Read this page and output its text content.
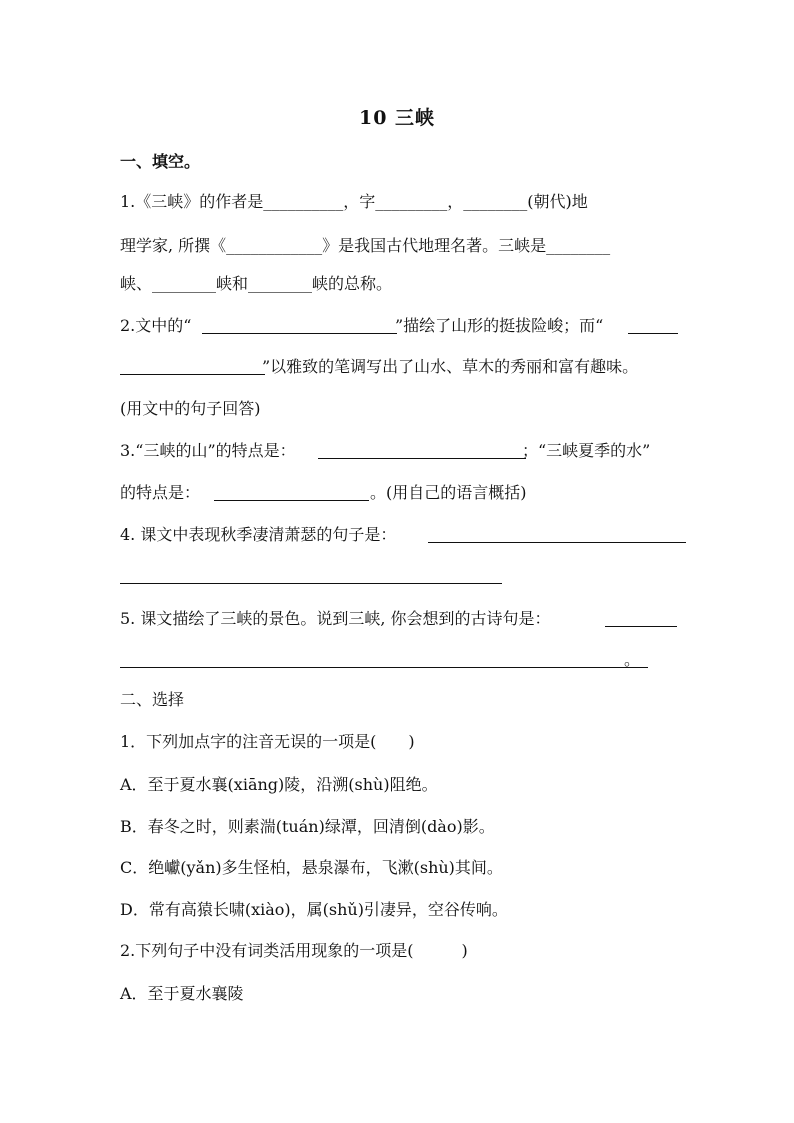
10 三峡
一、填空。
1.《三峡》的作者是__________，字_________，________(朝代)地
理学家, 所撰《____________》是我国古代地理名著。三峡是________
峡、________峡和________峡的总称。
2.文中的“	”描绘了山形的挺拔险峻；而“
”以雅致的笔调写出了山水、草木的秀丽和富有趣味。
(用文中的句子回答)
3.“三峡的山”的特点是：	；“三峡夏季的水”
的特点是：	。(用自己的语言概括)
4. 课文中表现秋季凄清萧瑟的句子是：
5. 课文描绘了三峡的景色。说到三峡, 你会想到的古诗句是：
。
二、选择
1．下列加点字的注音无误的一项是(　　)
A．至于夏水襄(xiāng)陵，沿溯(shù)阻绝。
B．春冬之时，则素湍(tuán)绿潭，回清倒(dào)影。
C．绝巘(yǎn)多生怪柏，悬泉瀑布，飞漱(shù)其间。
D．常有高猿长啸(xiào)，属(shǔ)引凄异，空谷传响。
2.下列句子中没有词类活用现象的一项是(　　　)
A．至于夏水襄陵
